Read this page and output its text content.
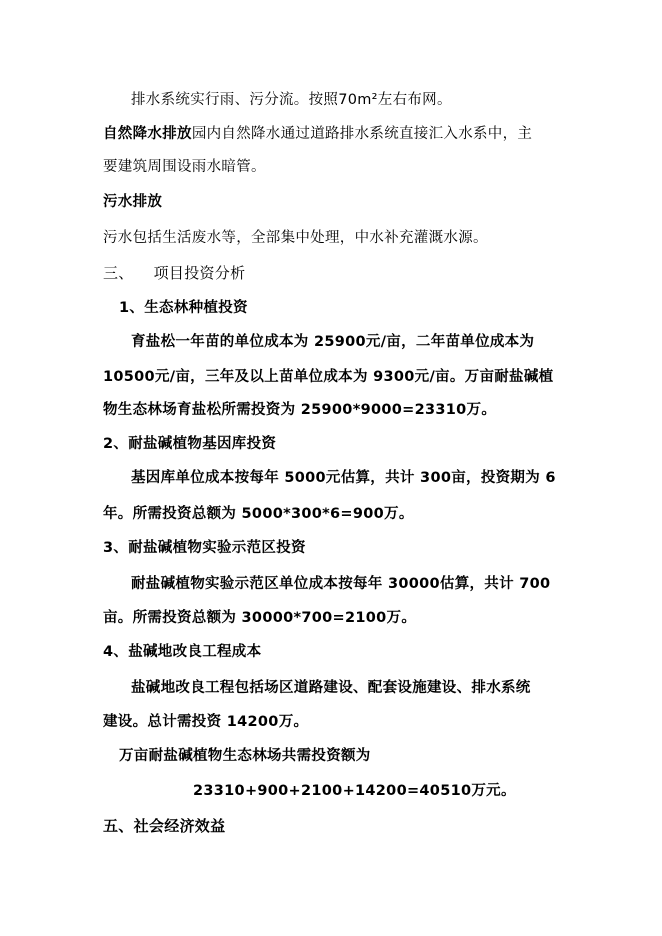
排水系统实行雨、污分流。按照70m²左右布网。
自然降水排放园内自然降水通过道路排水系统直接汇入水系中，主
要建筑周围设雨水暗管。
污水排放
污水包括生活废水等，全部集中处理，中水补充灌溉水源。
三、 项目投资分析
1、生态林种植投资
育盐松一年苗的单位成本为 25900元/亩，二年苗单位成本为
10500元/亩，三年及以上苗单位成本为 9300元/亩。万亩耐盐碱植
物生态林场育盐松所需投资为 25900*9000=23310万。
2、耐盐碱植物基因库投资
基因库单位成本按每年 5000元估算，共计 300亩，投资期为 6
年。所需投资总额为 5000*300*6=900万。
3、耐盐碱植物实验示范区投资
耐盐碱植物实验示范区单位成本按每年 30000估算，共计 700
亩。所需投资总额为 30000*700=2100万。
4、盐碱地改良工程成本
盐碱地改良工程包括场区道路建设、配套设施建设、排水系统
建设。总计需投资 14200万。
万亩耐盐碱植物生态林场共需投资额为
23310+900+2100+14200=40510万元。
五、社会经济效益
